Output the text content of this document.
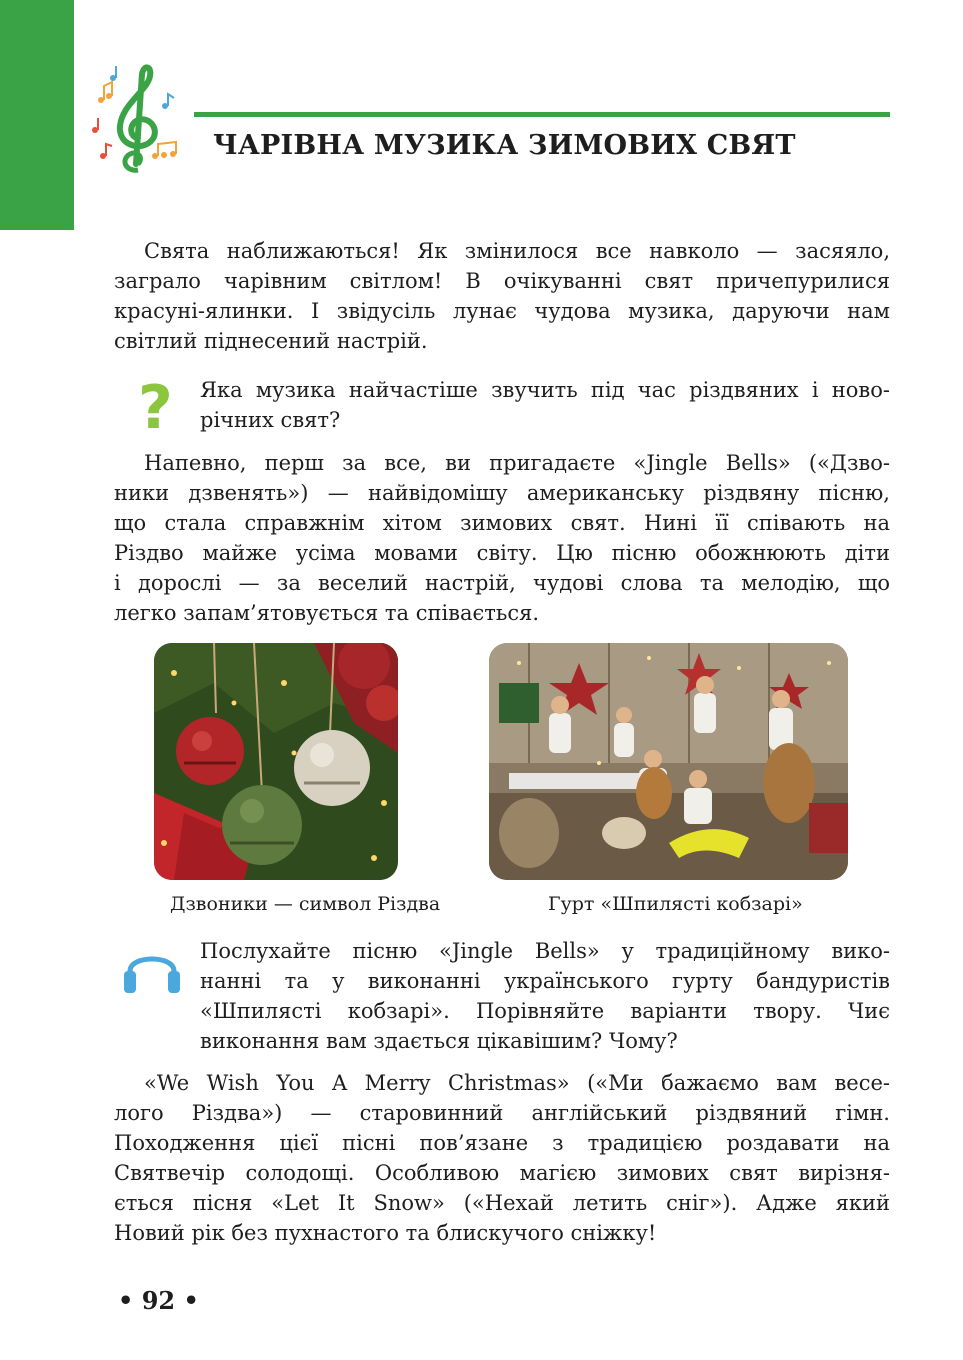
ЧАРІВНА МУЗИКА ЗИМОВИХ СВЯТ
Свята наближаються! Як змінилося все навколо — засяяло,
заграло чарівним світлом! В очікуванні свят причепурилися
красуні-ялинки. І звідусіль лунає чудова музика, даруючи нам
світлий піднесений настрій.
? Яка музика найчастіше звучить під час різдвяних і ново-
річних свят?
Напевно, перш за все, ви пригадаєте «Jingle Bells» («Дзво-
ники дзвенять») — найвідомішу американську різдвяну пісню,
що стала справжнім хітом зимових свят. Нині її співають на
Різдво майже усіма мовами світу. Цю пісню обожнюють діти
і дорослі — за веселий настрій, чудові слова та мелодію, що
легко запам’ятовується та співається.
Дзвоники — символ Різдва	Гурт «Шпилясті кобзарі»
Послухайте пісню «Jingle Bells» у традиційному вико-
нанні та у виконанні українського гурту бандуристів
«Шпилясті кобзарі». Порівняйте варіанти твору. Чиє
виконання вам здається цікавішим? Чому?
«We Wish You A Merry Christmas» («Ми бажаємо вам весе-
лого Різдва») — старовинний англійський різдвяний гімн.
Походження цієї пісні пов’язане з традицією роздавати на
Святвечір солодощі. Особливою магією зимових свят вирізня-
ється пісня «Let It Snow» («Нехай летить сніг»). Адже який
Новий рік без пухнастого та блискучого сніжку!
• 92 •
